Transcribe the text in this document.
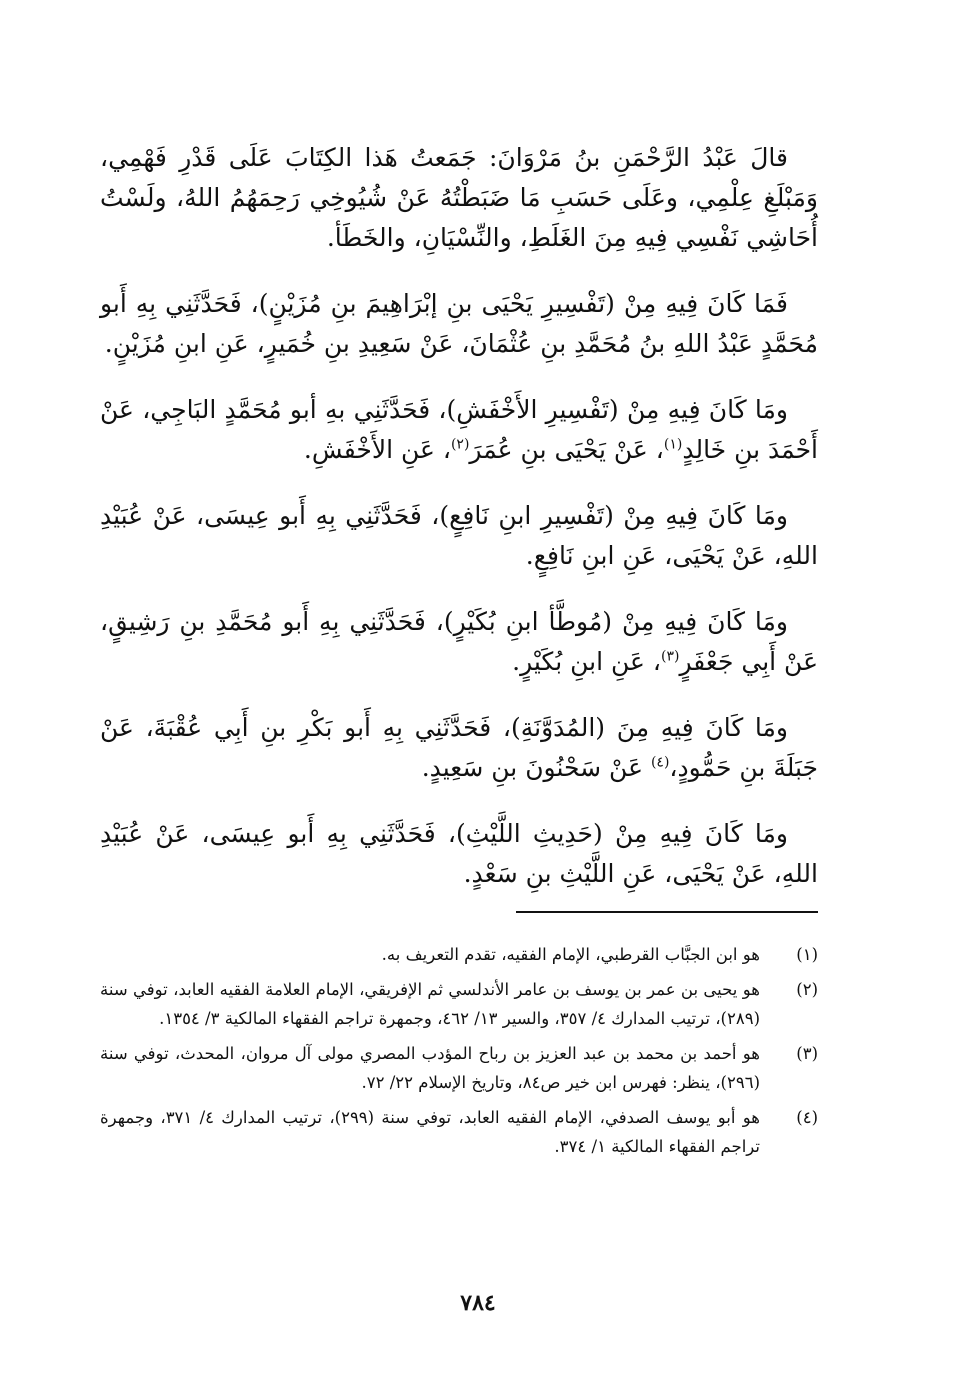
قالَ عَبْدُ الرَّحْمَنِ بنُ مَرْوَانَ: جَمَعتُ هَذا الكِتَابَ عَلَى قَدْرِ فَهْمِي، وَمَبْلَغِ عِلْمِي، وعَلَى حَسَبِ مَا ضَبَطْتُهُ عَنْ شُيُوخِي رَحِمَهُمُ اللهُ، ولَسْتُ أُحَاشِي نَفْسِي فِيهِ مِنَ الغَلَطِ، والنِّسْيَانِ، والخَطَأ.

فَمَا كَانَ فِيهِ مِنْ (تَفْسِيرِ يَحْيَى بنِ إبْرَاهِيمَ بنِ مُزَيْنٍ)، فَحَدَّثَنِي بِهِ أَبو مُحَمَّدٍ عَبْدُ اللهِ بنُ مُحَمَّدِ بنِ عُثْمَانَ، عَنْ سَعِيدِ بنِ خُمَيرٍ، عَنِ ابنِ مُزَيْنٍ.

ومَا كَانَ فِيهِ مِنْ (تَفْسِيرِ الأَخْفَشِ)، فَحَدَّثَنِي بهِ أبو مُحَمَّدٍ البَاجِي، عَنْ أَحْمَدَ بنِ خَالِدٍ$^{(١)}$، عَنْ يَحْيَى بنِ عُمَرَ$^{(٢)}$، عَنِ الأَخْفَشِ.

ومَا كَانَ فِيهِ مِنْ (تَفْسِيرِ ابنِ نَافِعٍ)، فَحَدَّثَنِي بِهِ أَبو عِيسَى، عَنْ عُبَيْدِ اللهِ، عَنْ يَحْيَى، عَنِ ابنِ نَافِعٍ.

ومَا كَانَ فِيهِ مِنْ (مُوطَّأ ابنِ بُكَيْرٍ)، فَحَدَّثَنِي بِهِ أَبو مُحَمَّدِ بنِ رَشِيقٍ، عَنْ أَبِي جَعْفَرٍ$^{(٣)}$، عَنِ ابنِ بُكَيْرٍ.

ومَا كَانَ فِيهِ مِنَ (المُدَوَّنَةِ)، فَحَدَّثَنِي بِهِ أَبو بَكْرِ بنِ أَبِي عُقْبَةَ، عَنْ جَبَلَةَ بنِ حَمُّودٍ،$^{(٤)}$ عَنْ سَحْنُونَ بنِ سَعِيدٍ.

ومَا كَانَ فِيهِ مِنْ (حَدِيثِ اللَّيْثِ)، فَحَدَّثَنِي بِهِ أَبو عِيسَى، عَنْ عُبَيْدِ اللهِ، عَنْ يَحْيَى، عَنِ اللَّيْثِ بنِ سَعْدٍ.

(١)
هو ابن الجبَّاب القرطبي، الإمام الفقيه، تقدم التعريف به.
(٢)
هو يحيى بن عمر بن يوسف بن عامر الأندلسي ثم الإفريقي، الإمام العلامة الفقيه العابد، توفي سنة (٢٨٩)، ترتيب المدارك ٤/ ٣٥٧، والسير ١٣/ ٤٦٢، وجمهرة تراجم الفقهاء المالكية ٣/ ١٣٥٤.
(٣)
هو أحمد بن محمد بن عبد العزيز بن رباح المؤدب المصري مولى آل مروان، المحدث، توفي سنة (٢٩٦)، ينظر: فهرس ابن خير ص٨٤، وتاريخ الإسلام ٢٢/ ٧٢.
(٤)
هو أبو يوسف الصدفي، الإمام الفقيه العابد، توفي سنة (٢٩٩)، ترتيب المدارك ٤/ ٣٧١، وجمهرة تراجم الفقهاء المالكية ١/ ٣٧٤.
٧٨٤
